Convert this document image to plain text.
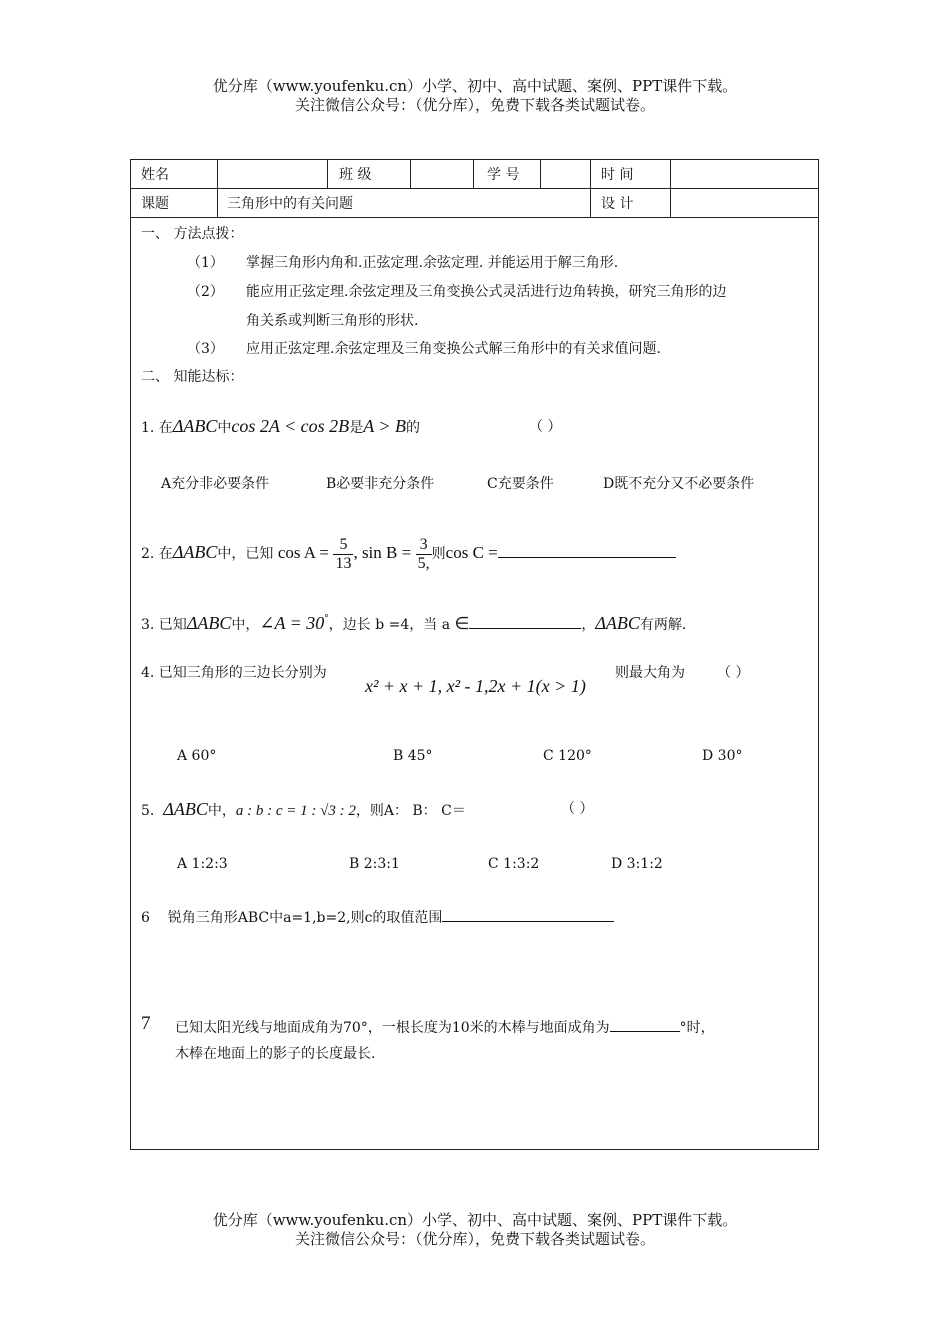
优分库（www.youfenku.cn）小学、初中、高中试题、案例、PPT课件下载。
关注微信公众号：（优分库），免费下载各类试题试卷。
姓名	班 级	学 号	时 间
课题	三角形中的有关问题	设 计
一、 方法点拨：
（1） 掌握三角形内角和.正弦定理.余弦定理. 并能运用于解三角形.
（2） 能应用正弦定理.余弦定理及三角变换公式灵活进行边角转换，研究三角形的边
角关系或判断三角形的形状.
（3） 应用正弦定理.余弦定理及三角变换公式解三角形中的有关求值问题.
二、 知能达标：
1. 在ΔABC中cos 2A < cos 2B是A > B的	（ ）
A充分非必要条件	B必要非充分条件	C充要条件	D既不充分又不必要条件
2. 在ΔABC中，已知 $\cos A = \frac{5}{13}$ , $\sin B = \frac{3}{5,}$ 则cos C =
3. 已知ΔABC中，∠A = 30°，边长 b =4，当 a ∈	，ΔABC有两解.
4. 已知三角形的三边长分别为
x² + x + 1, x² - 1,2x + 1(x > 1)
则最大角为 （ ）
A 60°	B 45°	C 120°	D 30°
5. ΔABC中，a : b : c = 1 : √3 : 2，则A： B： C＝	（ ）
A 1:2:3	B 2:3:1	C 1:3:2	D 3:1:2
6 锐角三角形ABC中a=1,b=2,则c的取值范围
7 已知太阳光线与地面成角为70°，一根长度为10米的木棒与地面成角为	°时，
木棒在地面上的影子的长度最长.
优分库（www.youfenku.cn）小学、初中、高中试题、案例、PPT课件下载。
关注微信公众号：（优分库），免费下载各类试题试卷。
